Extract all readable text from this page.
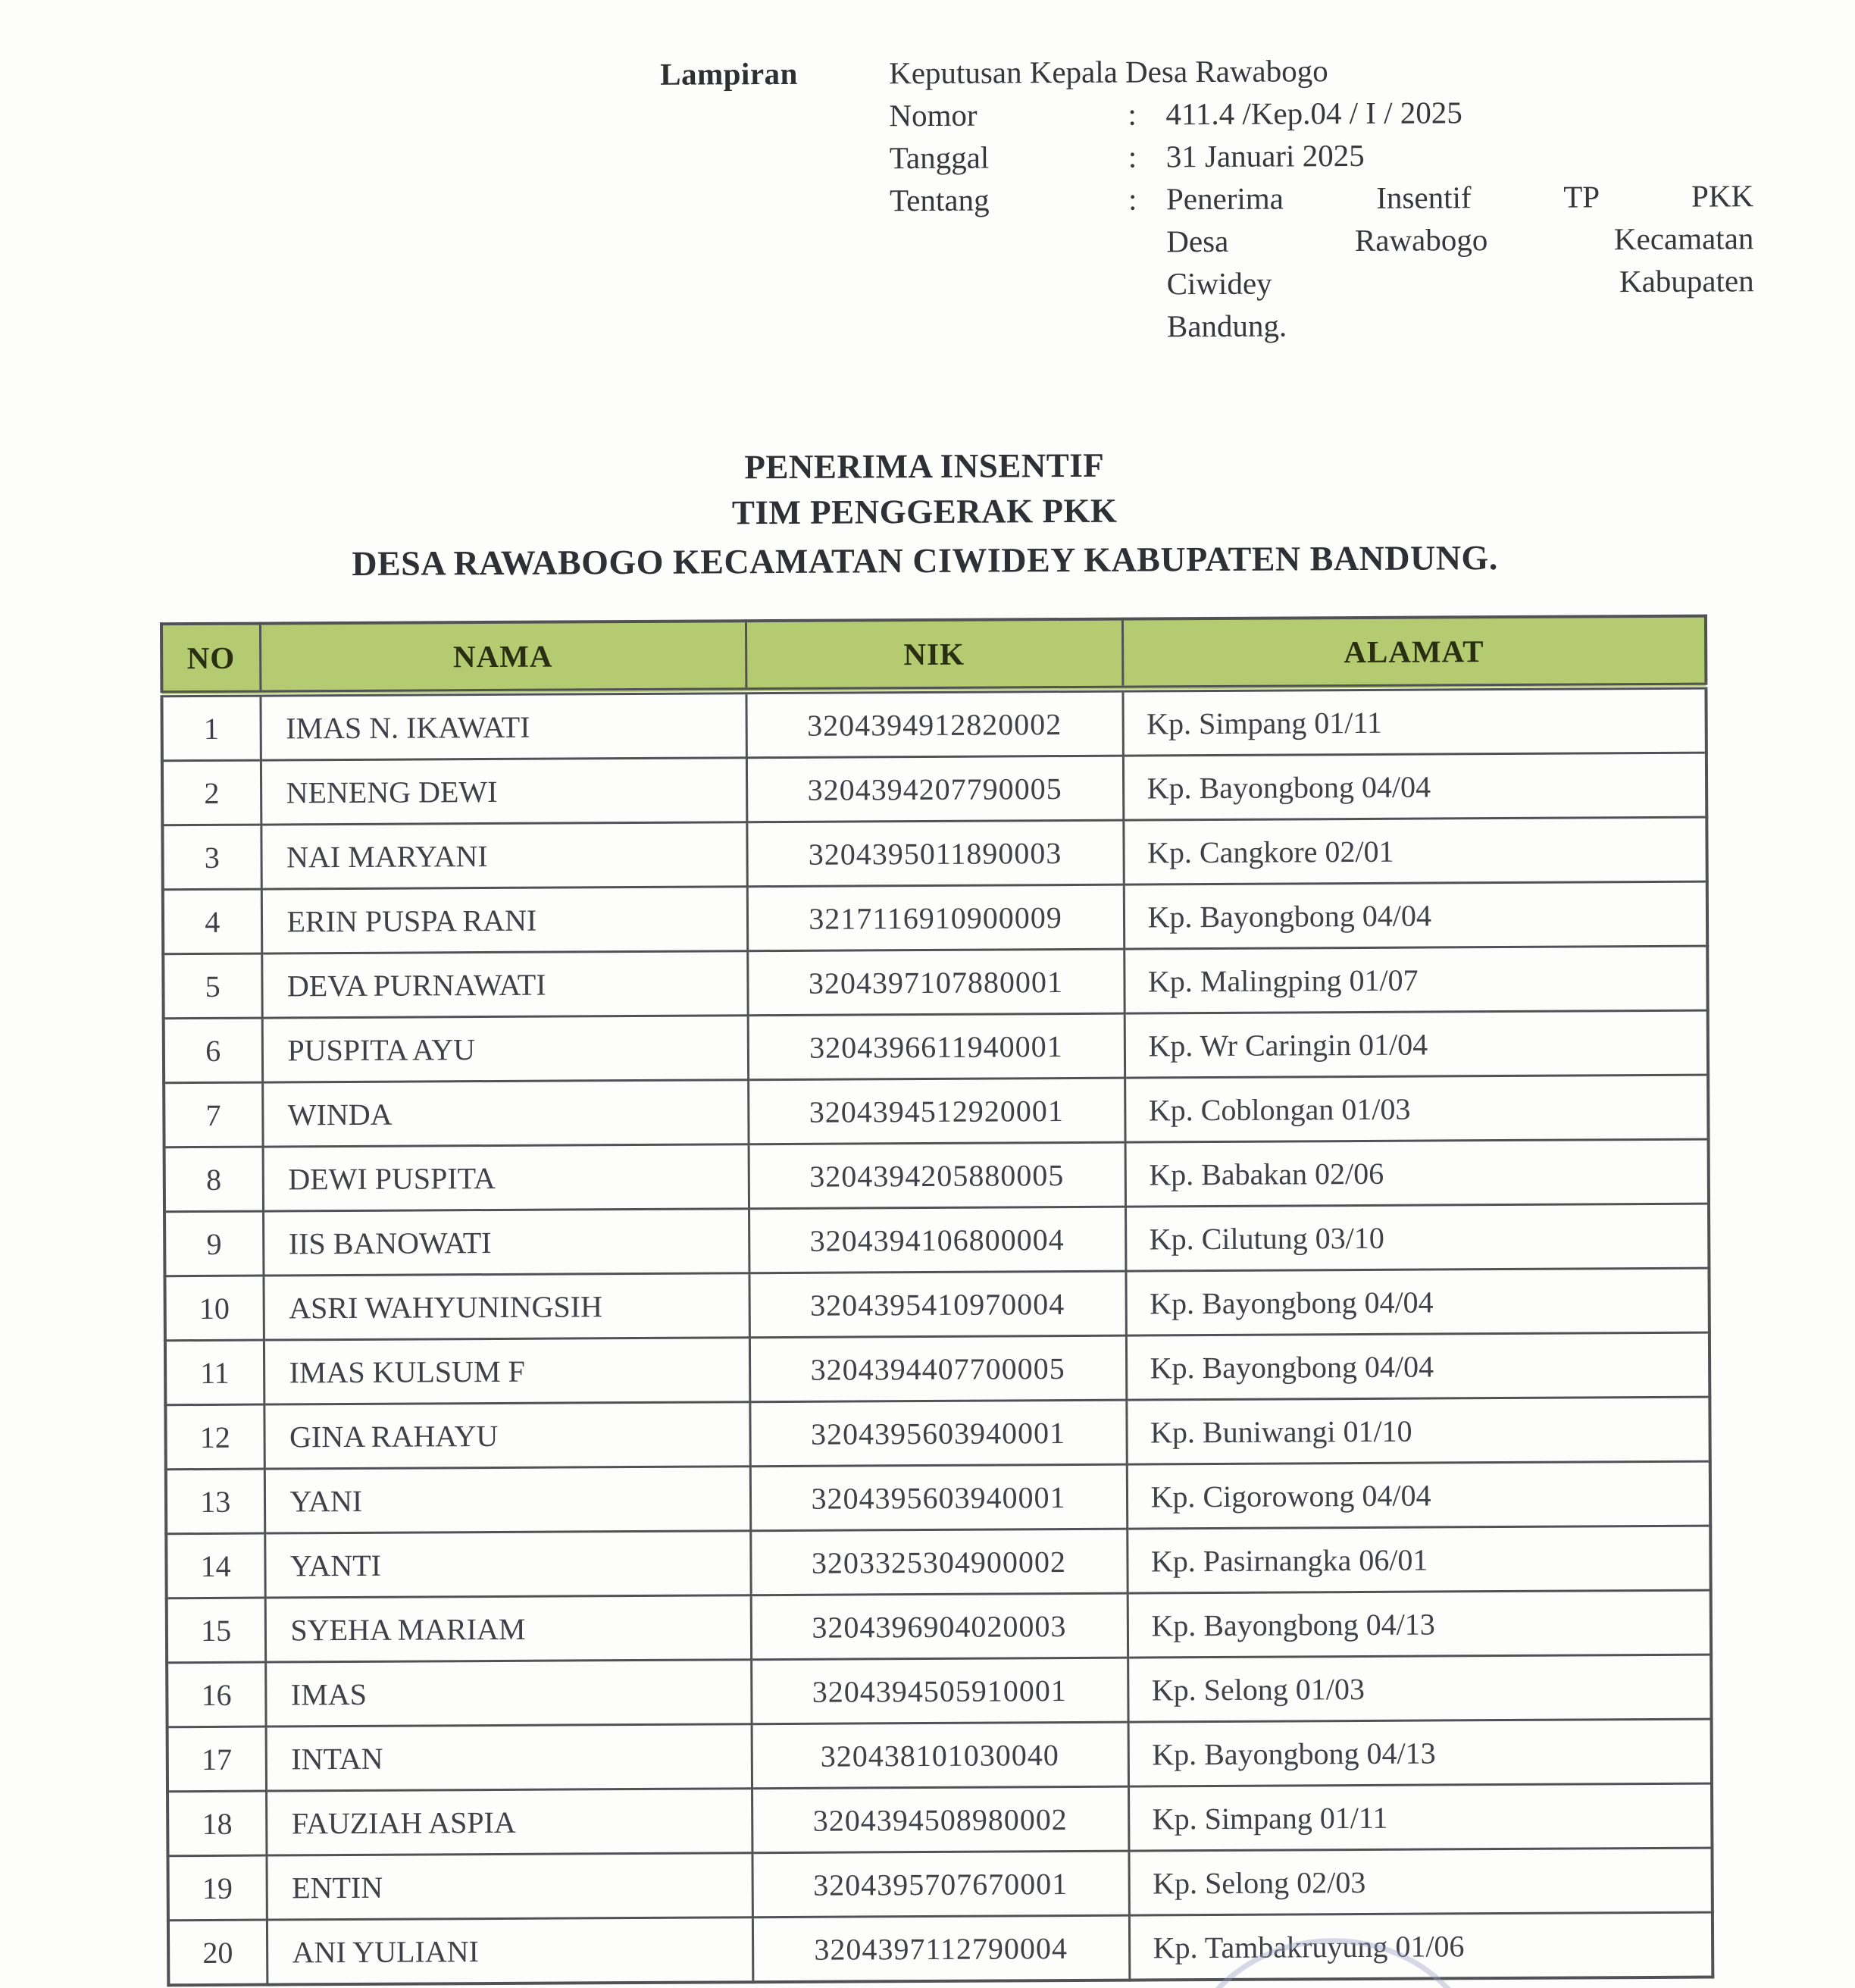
Lampiran	Keputusan Kepala Desa Rawabogo
Nomor	: 411.4 /Kep.04 / I / 2025
Tanggal	: 31 Januari 2025
Tentang	: Penerima Insentif TP PKK
Desa Rawabogo Kecamatan
Ciwidey Kabupaten
Bandung.
PENERIMA INSENTIF
TIM PENGGERAK PKK
DESA RAWABOGO KECAMATAN CIWIDEY KABUPATEN BANDUNG.
NO	NAMA	NIK	ALAMAT
1	IMAS N. IKAWATI	3204394912820002	Kp. Simpang 01/11
2	NENENG DEWI	3204394207790005	Kp. Bayongbong 04/04
3	NAI MARYANI	3204395011890003	Kp. Cangkore 02/01
4	ERIN PUSPA RANI	3217116910900009	Kp. Bayongbong 04/04
5	DEVA PURNAWATI	3204397107880001	Kp. Malingping 01/07
6	PUSPITA AYU	3204396611940001	Kp. Wr Caringin 01/04
7	WINDA	3204394512920001	Kp. Coblongan 01/03
8	DEWI PUSPITA	3204394205880005	Kp. Babakan 02/06
9	IIS BANOWATI	3204394106800004	Kp. Cilutung 03/10
10	ASRI WAHYUNINGSIH	3204395410970004	Kp. Bayongbong 04/04
11	IMAS KULSUM F	3204394407700005	Kp. Bayongbong 04/04
12	GINA RAHAYU	3204395603940001	Kp. Buniwangi 01/10
13	YANI	3204395603940001	Kp. Cigorowong 04/04
14	YANTI	3203325304900002	Kp. Pasirnangka 06/01
15	SYEHA MARIAM	3204396904020003	Kp. Bayongbong 04/13
16	IMAS	3204394505910001	Kp. Selong 01/03
17	INTAN	320438101030040	Kp. Bayongbong 04/13
18	FAUZIAH ASPIA	3204394508980002	Kp. Simpang 01/11
19	ENTIN	3204395707670001	Kp. Selong 02/03
20	ANI YULIANI	3204397112790004	Kp. Tambakruyung 01/06
